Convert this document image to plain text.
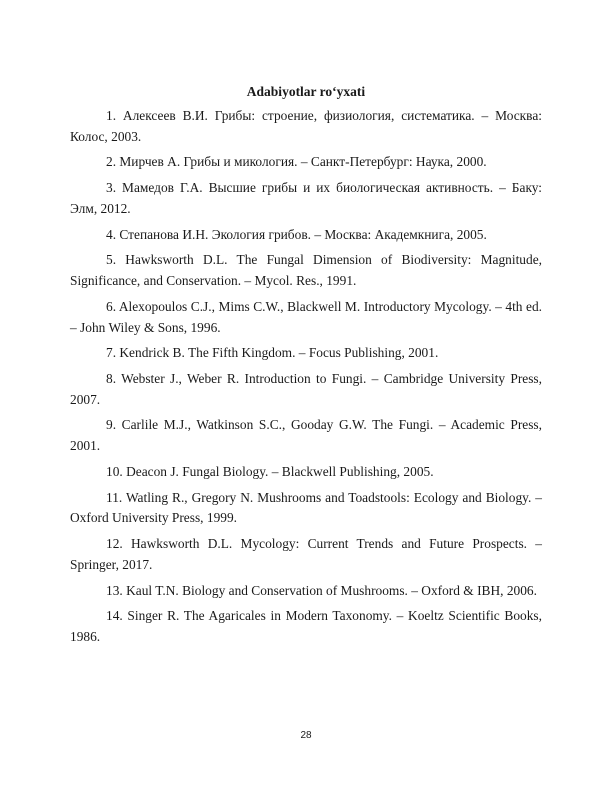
Adabiyotlar ro‘yxati

1. Алексеев В.И. Грибы: строение, физиология, систематика. – Москва: Колос, 2003.

2. Мирчев А. Грибы и микология. – Санкт-Петербург: Наука, 2000.

3. Мамедов Г.А. Высшие грибы и их биологическая активность. – Баку: Элм, 2012.

4. Степанова И.Н. Экология грибов. – Москва: Академкнига, 2005.

5. Hawksworth D.L. The Fungal Dimension of Biodiversity: Magnitude, Significance, and Conservation. – Mycol. Res., 1991.

6. Alexopoulos C.J., Mims C.W., Blackwell M. Introductory Mycology. – 4th ed. – John Wiley & Sons, 1996.

7. Kendrick B. The Fifth Kingdom. – Focus Publishing, 2001.

8. Webster J., Weber R. Introduction to Fungi. – Cambridge University Press, 2007.

9. Carlile M.J., Watkinson S.C., Gooday G.W. The Fungi. – Academic Press, 2001.

10. Deacon J. Fungal Biology. – Blackwell Publishing, 2005.

11. Watling R., Gregory N. Mushrooms and Toadstools: Ecology and Biology. – Oxford University Press, 1999.

12. Hawksworth D.L. Mycology: Current Trends and Future Prospects. – Springer, 2017.

13. Kaul T.N. Biology and Conservation of Mushrooms. – Oxford & IBH, 2006.

14. Singer R. The Agaricales in Modern Taxonomy. – Koeltz Scientific Books, 1986.

28
